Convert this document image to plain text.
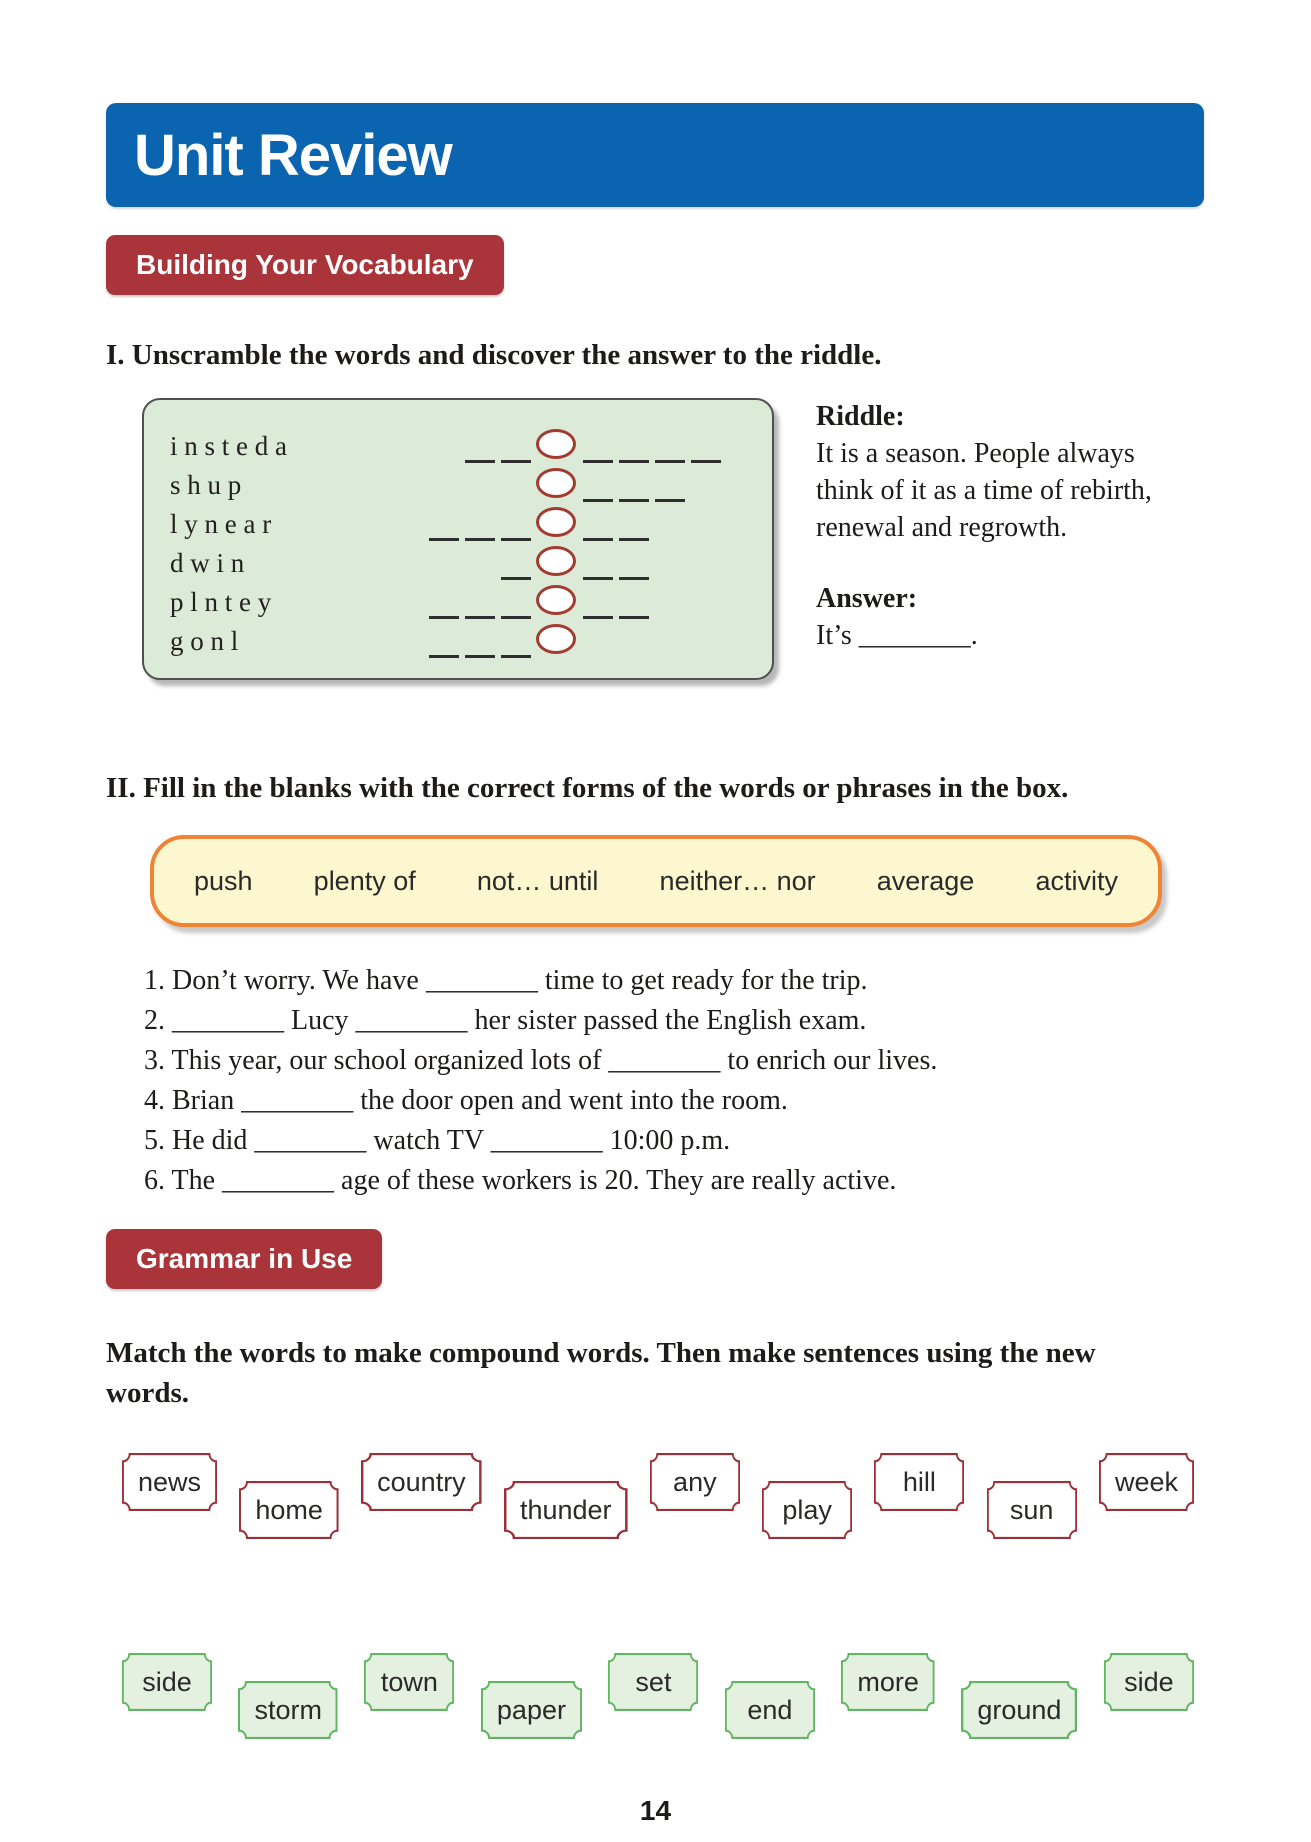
Unit Review
Building Your Vocabulary
I. Unscramble the words and discover the answer to the riddle.
i n s t e d a
s h u p
l y n e a r
d w i n
p l n t e y
g o n l
Riddle:
It is a season. People always
think of it as a time of rebirth,
renewal and regrowth.
Answer:
It’s ________.
II. Fill in the blanks with the correct forms of the words or phrases in the box.
push plenty of not… until neither… nor average activity
1. Don’t worry. We have ________ time to get ready for the trip.
2. ________ Lucy ________ her sister passed the English exam.
3. This year, our school organized lots of ________ to enrich our lives.
4. Brian ________ the door open and went into the room.
5. He did ________ watch TV ________ 10:00 p.m.
6. The ________ age of these workers is 20. They are really active.
Grammar in Use
Match the words to make compound words. Then make sentences using the new words.
news
home
country
thunder
any
play
hill
sun
week
side
storm
town
paper
set
end
more
ground
side
14
